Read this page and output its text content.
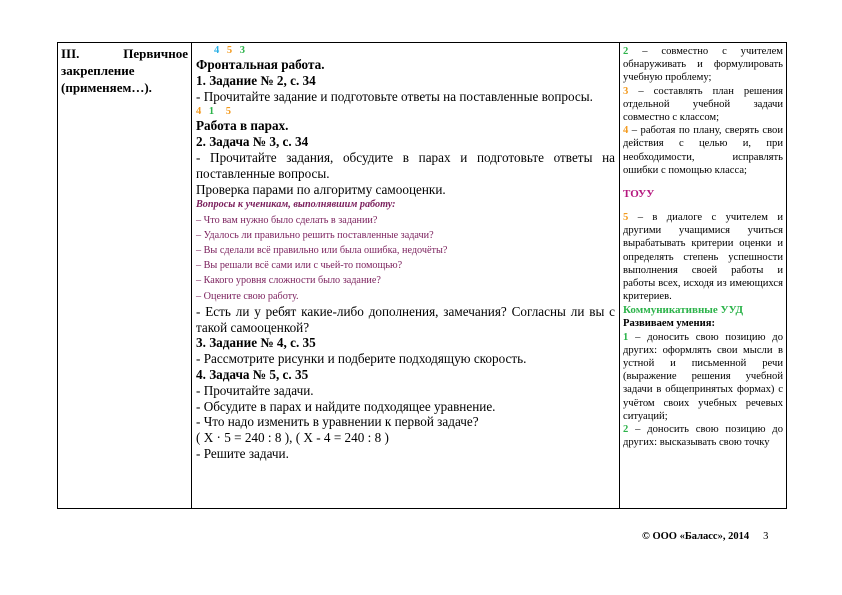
III.	Первичное

закрепление

(применяем…).

4 5 3

Фронтальная работа.

1. Задание № 2, с. 34

- Прочитайте задание и подготовьте ответы на поставленные вопросы.

4 1 5

Работа в парах.

2. Задача № 3, с. 34

- Прочитайте задания, обсудите в парах и подготовьте ответы на поставленные вопросы.

Проверка парами по алгоритму самооценки.

Вопросы к ученикам, выполнявшим работу:

– Что вам нужно было сделать в задании?

– Удалось ли правильно решить поставленные задачи?

– Вы сделали всё правильно или была ошибка, недочёты?

– Вы решали всё сами или с чьей-то помощью?

– Какого уровня сложности было задание?

– Оцените свою работу.

- Есть ли у ребят какие-либо дополнения, замечания? Согласны ли вы с такой самооценкой?

3. Задание № 4, с. 35

- Рассмотрите рисунки и подберите подходящую скорость.

4. Задача № 5, с. 35

- Прочитайте задачи.

- Обсудите в парах и найдите подходящее уравнение.

- Что надо изменить в уравнении к первой задаче?

( Х · 5 = 240 : 8 ), ( Х - 4 = 240 : 8 )

- Решите задачи.

2 – совместно с учителем обнаруживать и формулировать учебную проблему;

3 – составлять план решения отдельной учебной задачи совместно с классом;

4 – работая по плану, сверять свои действия с целью и, при необходимости, исправлять ошибки с помощью класса;

ТОУУ

5 – в диалоге с учителем и другими учащимися учиться вырабатывать критерии оценки и определять степень успешности выполнения своей работы и работы всех, исходя из имеющихся критериев.

Коммуникативные УУД

Развиваем умения:

1 – доносить свою позицию до других: оформлять свои мысли в устной и письменной речи (выражение решения учебной задачи в общепринятых формах) с учётом своих учебных речевых ситуаций;

2 – доносить свою позицию до других: высказывать свою точку

© ООО «Баласс», 2014 3
